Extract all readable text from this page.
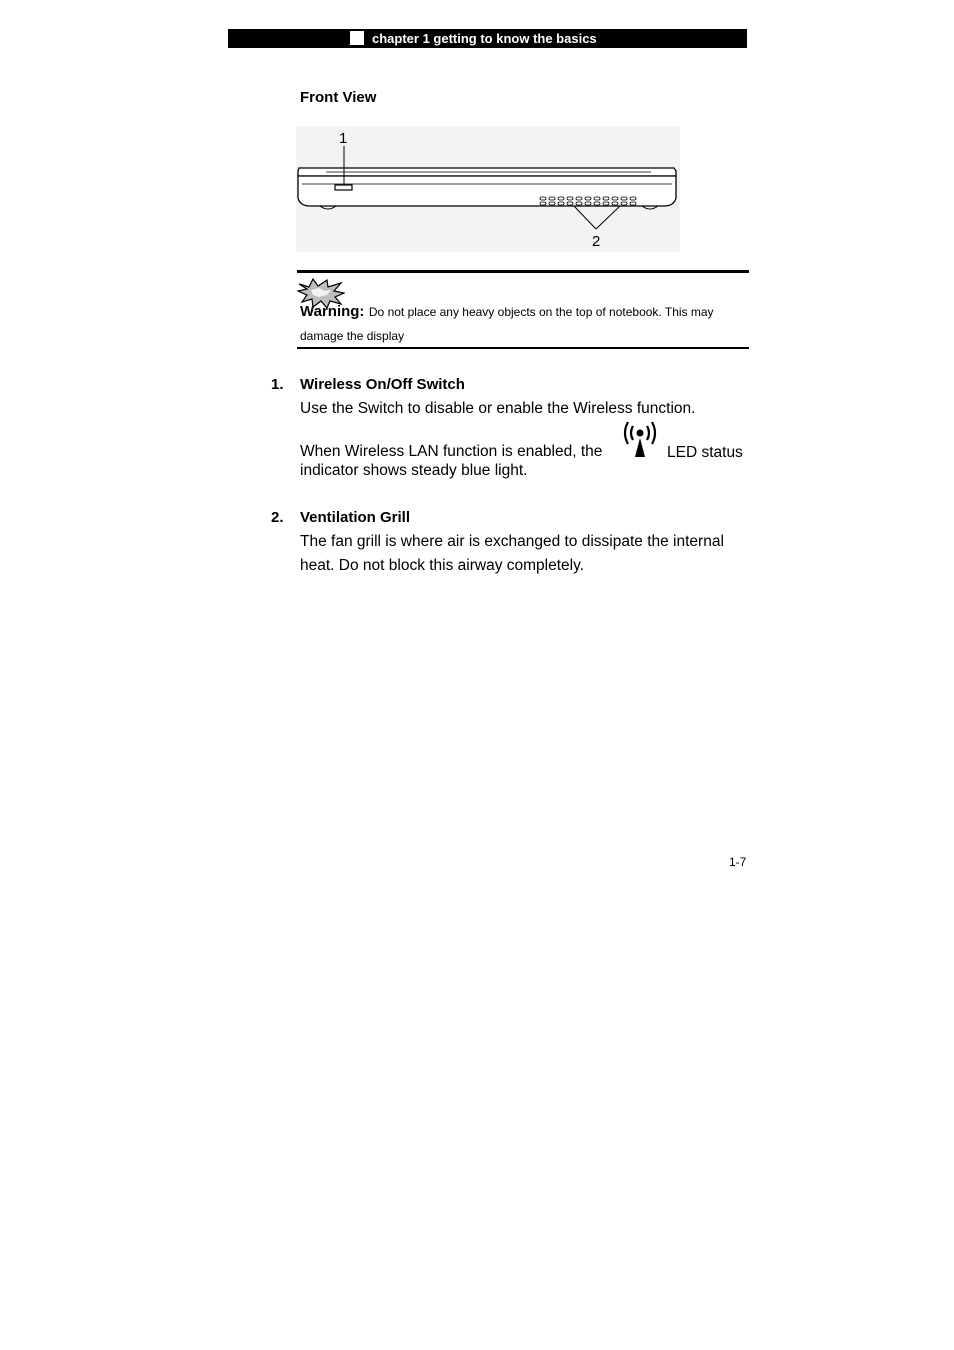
chapter 1 getting to know the basics
Front View
1
2
Warning: Do not place any heavy objects on the top of notebook. This may
damage the display
1. Wireless On/Off Switch
Use the Switch to disable or enable the Wireless function.
When Wireless LAN function is enabled, the	LED status
indicator shows steady blue light.
2. Ventilation Grill
The fan grill is where air is exchanged to dissipate the internal
heat. Do not block this airway completely.
1-7
